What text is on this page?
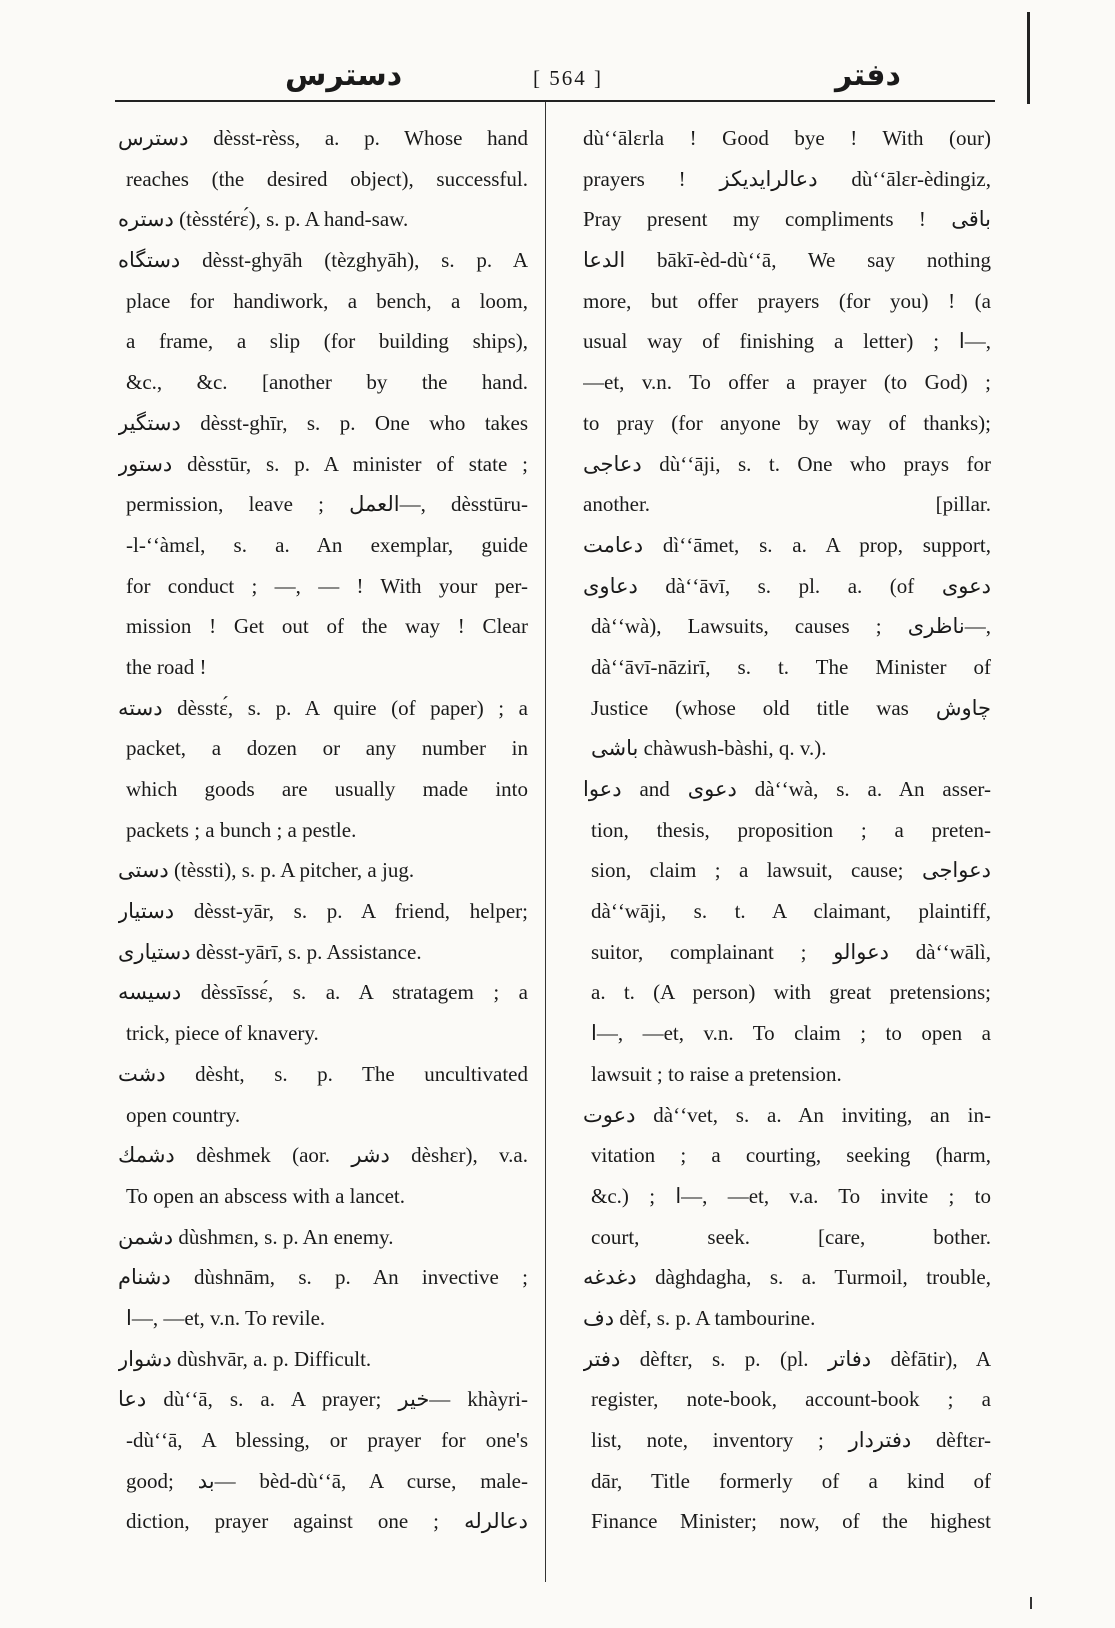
دسترس	[ 564 ]	دفتر
دسترس dèsst-rèss, a. p. Whose hand
reaches (the desired object), successful.
دستره (tèsstérɛ́), s. p. A hand-saw.
دستگاه dèsst-ghyāh (tèzghyāh), s. p. A
place for handiwork, a bench, a loom,
a frame, a slip (for building ships),
&c., &c. [another by the hand.
دستگیر dèsst-ghīr, s. p. One who takes
دستور dèsstūr, s. p. A minister of state ;
permission, leave ; العمل—, dèsstūru-
-l-ʻʻàmɛl, s. a. An exemplar, guide
for conduct ; —, — ! With your per-
mission ! Get out of the way ! Clear
the road !
دسته dèsstɛ́, s. p. A quire (of paper) ; a
packet, a dozen or any number in
which goods are usually made into
packets ; a bunch ; a pestle.
دستی (tèssti), s. p. A pitcher, a jug.
دستیار dèsst-yār, s. p. A friend, helper;
دستیاری dèsst-yārī, s. p. Assistance.
دسیسه dèssīssɛ́, s. a. A stratagem ; a
trick, piece of knavery.
دشت dèsht, s. p. The uncultivated
open country.
دشمك dèshmek (aor. دشر dèshɛr), v.a.
To open an abscess with a lancet.
دشمن dùshmɛn, s. p. An enemy.
دشنام dùshnām, s. p. An invective ;
ا—, —et, v.n. To revile.
دشوار dùshvār, a. p. Difficult.
دعا dùʻʻā, s. a. A prayer; خير— khàyri-
-dùʻʻā, A blessing, or prayer for one's
good; بد— bèd-dùʻʻā, A curse, male-
diction, prayer against one ; دعالرله
dùʻʻālɛrla ! Good bye ! With (our)
prayers ! دعالرايديكز dùʻʻālɛr-èdingiz,
Pray present my compliments ! باقی
الدعا bākī-èd-dùʻʻā, We say nothing
more, but offer prayers (for you) ! (a
usual way of finishing a letter) ; ا—,
—et, v.n. To offer a prayer (to God) ;
to pray (for anyone by way of thanks);
دعاجی dùʻʻāji, s. t. One who prays for
another. [pillar.
دعامت dìʻʻāmet, s. a. A prop, support,
دعاوی dàʻʻāvī, s. pl. a. (of دعوی
dàʻʻwà), Lawsuits, causes ; ناظری—,
dàʻʻāvī-nāzirī, s. t. The Minister of
Justice (whose old title was چاوش
باشی chàwush-bàshi, q. v.).
دعوا and دعوی dàʻʻwà, s. a. An asser-
tion, thesis, proposition ; a preten-
sion, claim ; a lawsuit, cause; دعواجی
dàʻʻwāji, s. t. A claimant, plaintiff,
suitor, complainant ; دعوالو dàʻʻwālì,
a. t. (A person) with great pretensions;
ا—, —et, v.n. To claim ; to open a
lawsuit ; to raise a pretension.
دعوت dàʻʻvet, s. a. An inviting, an in-
vitation ; a courting, seeking (harm,
&c.) ; ا—, —et, v.a. To invite ; to
court, seek. [care, bother.
دغدغه dàghdagha, s. a. Turmoil, trouble,
دف dèf, s. p. A tambourine.
دفتر dèftɛr, s. p. (pl. دفاتر dèfātir), A
register, note-book, account-book ; a
list, note, inventory ; دفتردار dèftɛr-
dār, Title formerly of a kind of
Finance Minister; now, of the highest
